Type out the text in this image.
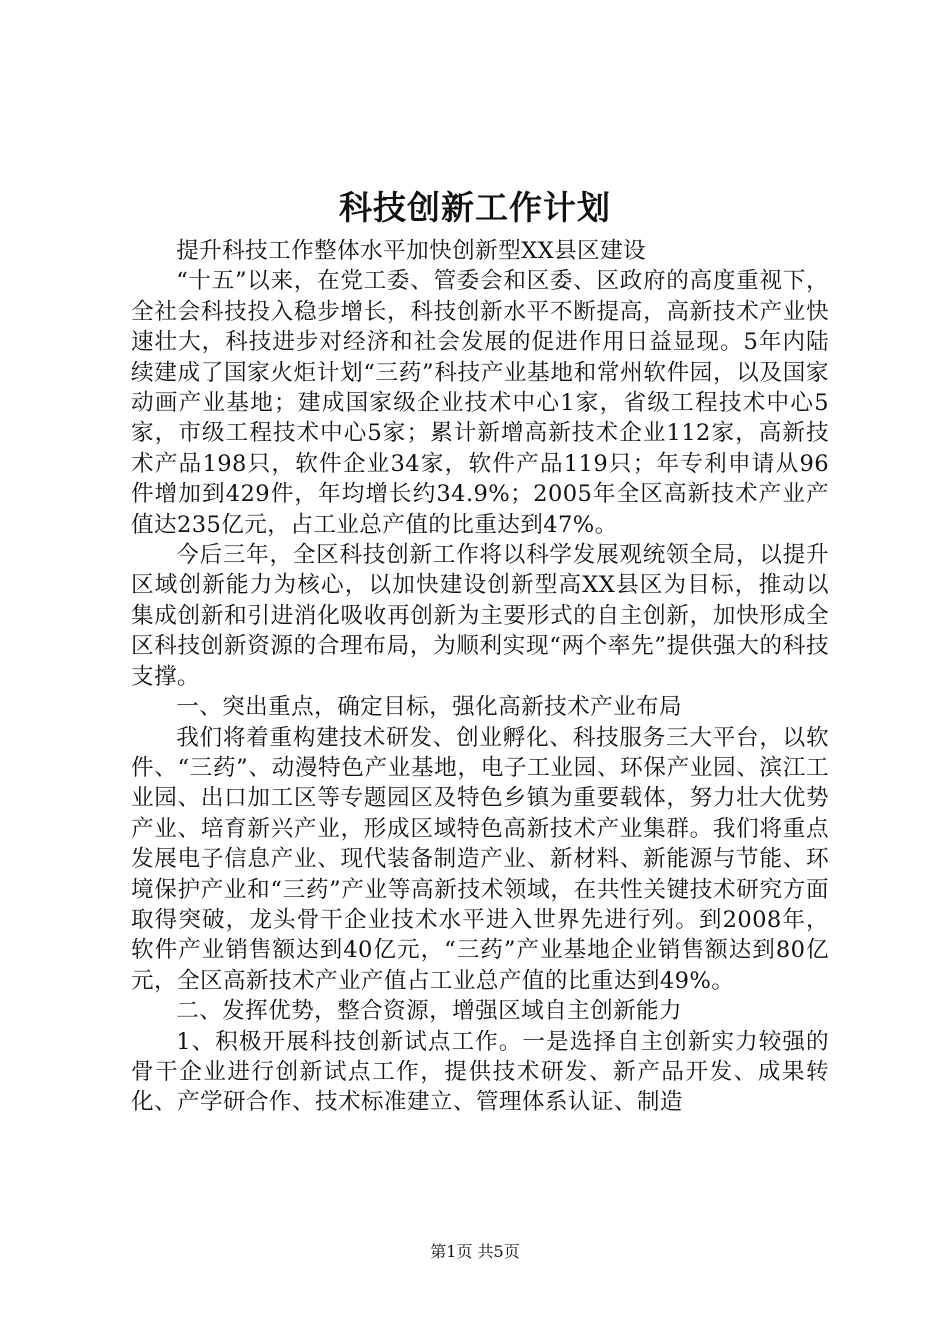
科技创新工作计划

提升科技工作整体水平加快创新型XX县区建设

“十五”以来，在党工委、管委会和区委、区政府的高度重视下，全社会科技投入稳步增长，科技创新水平不断提高，高新技术产业快速壮大，科技进步对经济和社会发展的促进作用日益显现。5年内陆续建成了国家火炬计划“三药”科技产业基地和常州软件园，以及国家动画产业基地；建成国家级企业技术中心1家，省级工程技术中心5家，市级工程技术中心5家；累计新增高新技术企业112家，高新技术产品198只，软件企业34家，软件产品119只；年专利申请从96件增加到429件，年均增长约34.9%；2005年全区高新技术产业产值达235亿元，占工业总产值的比重达到47%。

今后三年，全区科技创新工作将以科学发展观统领全局，以提升区域创新能力为核心，以加快建设创新型高XX县区为目标，推动以集成创新和引进消化吸收再创新为主要形式的自主创新，加快形成全区科技创新资源的合理布局，为顺利实现“两个率先”提供强大的科技支撑。

一、突出重点，确定目标，强化高新技术产业布局

我们将着重构建技术研发、创业孵化、科技服务三大平台，以软件、“三药”、动漫特色产业基地，电子工业园、环保产业园、滨江工业园、出口加工区等专题园区及特色乡镇为重要载体，努力壮大优势产业、培育新兴产业，形成区域特色高新技术产业集群。我们将重点发展电子信息产业、现代装备制造产业、新材料、新能源与节能、环境保护产业和“三药”产业等高新技术领域，在共性关键技术研究方面取得突破，龙头骨干企业技术水平进入世界先进行列。到2008年，软件产业销售额达到40亿元，“三药”产业基地企业销售额达到80亿元，全区高新技术产业产值占工业总产值的比重达到49%。

二、发挥优势，整合资源，增强区域自主创新能力

1、积极开展科技创新试点工作。一是选择自主创新实力较强的骨干企业进行创新试点工作，提供技术研发、新产品开发、成果转化、产学研合作、技术标准建立、管理体系认证、制造

第1页 共5页
